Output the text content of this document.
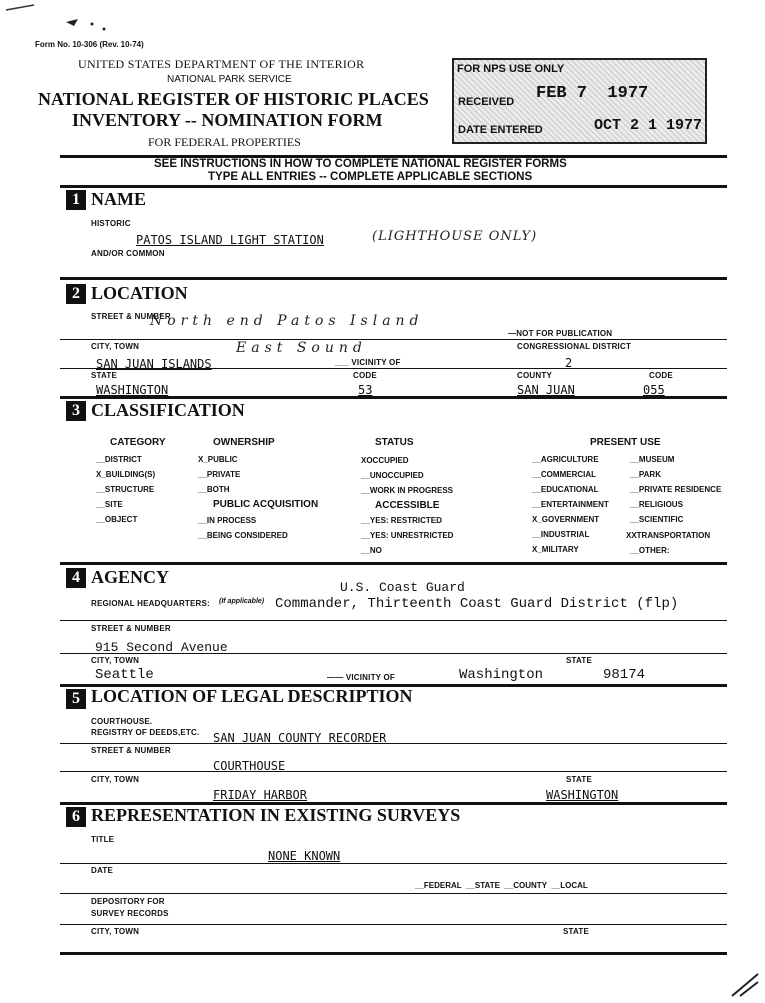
Form No. 10-306 (Rev. 10-74)
UNITED STATES DEPARTMENT OF THE INTERIOR
NATIONAL PARK SERVICE
NATIONAL REGISTER OF HISTORIC PLACES
INVENTORY -- NOMINATION FORM
FOR FEDERAL PROPERTIES
FOR NPS USE ONLY
RECEIVED FEB 7  1977
DATE ENTERED	OCT 2 1 1977
SEE INSTRUCTIONS IN HOW TO COMPLETE NATIONAL REGISTER FORMS
TYPE ALL ENTRIES -- COMPLETE APPLICABLE SECTIONS
1 NAME
HISTORIC
PATOS ISLAND LIGHT STATION	(LIGHTHOUSE ONLY)
AND/OR COMMON
2 LOCATION
STREET & NUMBER
North end Patos Island
—NOT FOR PUBLICATION
CITY, TOWN	East Sound	CONGRESSIONAL DISTRICT
SAN JUAN ISLANDS	___ VICINITY OF	2
STATE	CODE	COUNTY	CODE
WASHINGTON	53	SAN JUAN	055
3 CLASSIFICATION
CATEGORY
__DISTRICT
X_BUILDING(S)
__STRUCTURE
__SITE
__OBJECT
OWNERSHIP
X_PUBLIC
__PRIVATE
__BOTH
PUBLIC ACQUISITION
__IN PROCESS
__BEING CONSIDERED
STATUS
XOCCUPIED
__UNOCCUPIED
__WORK IN PROGRESS
ACCESSIBLE
__YES: RESTRICTED
__YES: UNRESTRICTED
__NO
PRESENT USE
__AGRICULTURE
__COMMERCIAL
__EDUCATIONAL
__ENTERTAINMENT
X_GOVERNMENT
__INDUSTRIAL
X_MILITARY
__MUSEUM
__PARK
__PRIVATE RESIDENCE
__RELIGIOUS
__SCIENTIFIC
XXTRANSPORTATION
__OTHER:
4 AGENCY
U.S. Coast Guard
REGIONAL HEADQUARTERS: (If applicable) Commander, Thirteenth Coast Guard District (flp)
STREET & NUMBER
915 Second Avenue
CITY, TOWN	STATE
Seattle	—— VICINITY OF	Washington	98174
5 LOCATION OF LEGAL DESCRIPTION
COURTHOUSE.
REGISTRY OF DEEDS,ETC. SAN JUAN COUNTY RECORDER
STREET & NUMBER
COURTHOUSE
CITY, TOWN	STATE
FRIDAY HARBOR	WASHINGTON
6 REPRESENTATION IN EXISTING SURVEYS
TITLE
NONE KNOWN
DATE
__FEDERAL  __STATE  __COUNTY  __LOCAL
DEPOSITORY FOR
SURVEY RECORDS
CITY, TOWN	STATE
